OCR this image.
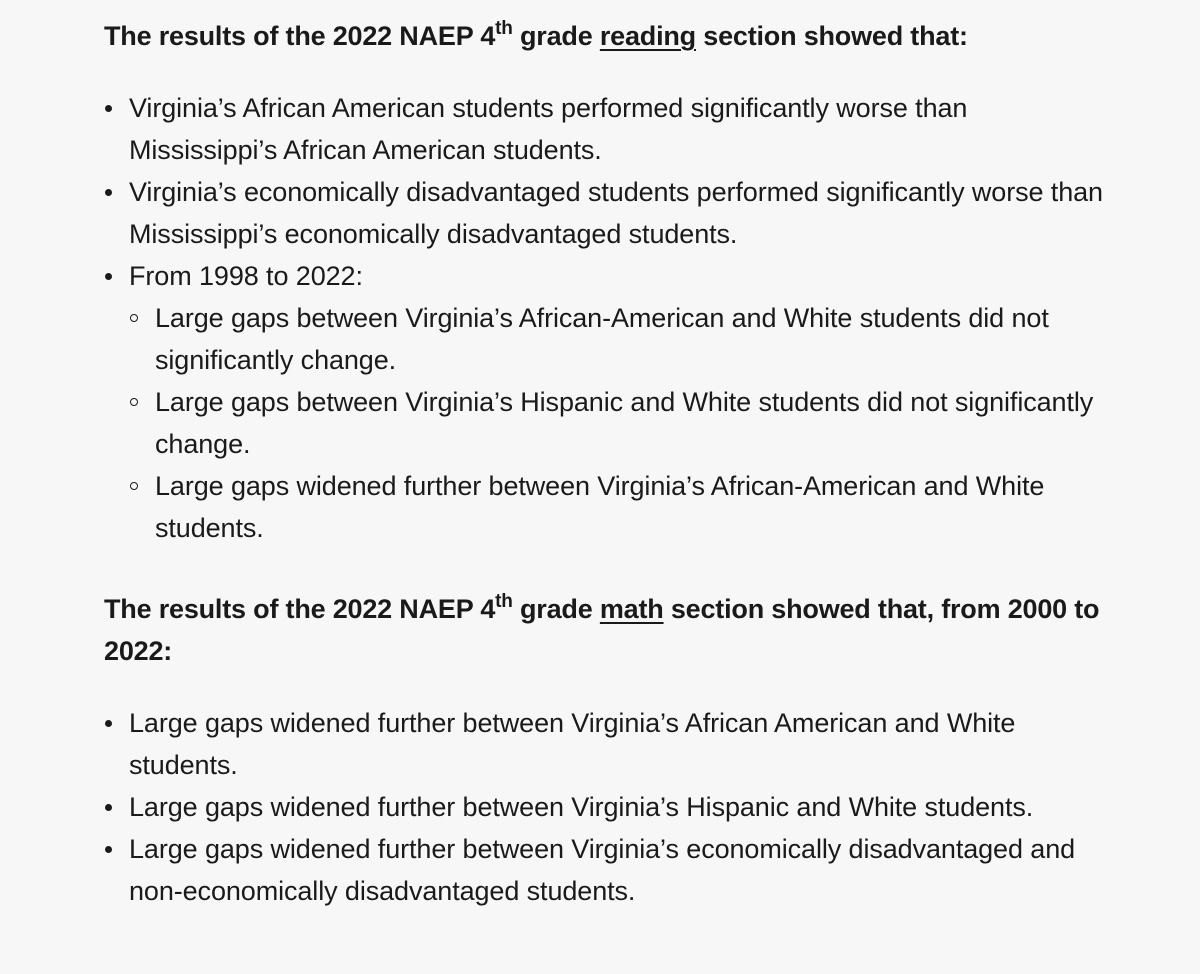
The results of the 2022 NAEP 4th grade reading section showed that:

Virginia’s African American students performed significantly worse than Mississippi’s African American students.
Virginia’s economically disadvantaged students performed significantly worse than Mississippi’s economically disadvantaged students.
From 1998 to 2022:
Large gaps between Virginia’s African-American and White students did not significantly change.
Large gaps between Virginia’s Hispanic and White students did not significantly change.
Large gaps widened further between Virginia’s African-American and White students.

The results of the 2022 NAEP 4th grade math section showed that, from 2000 to 2022:

Large gaps widened further between Virginia’s African American and White students.
Large gaps widened further between Virginia’s Hispanic and White students.
Large gaps widened further between Virginia’s economically disadvantaged and non-economically disadvantaged students.
